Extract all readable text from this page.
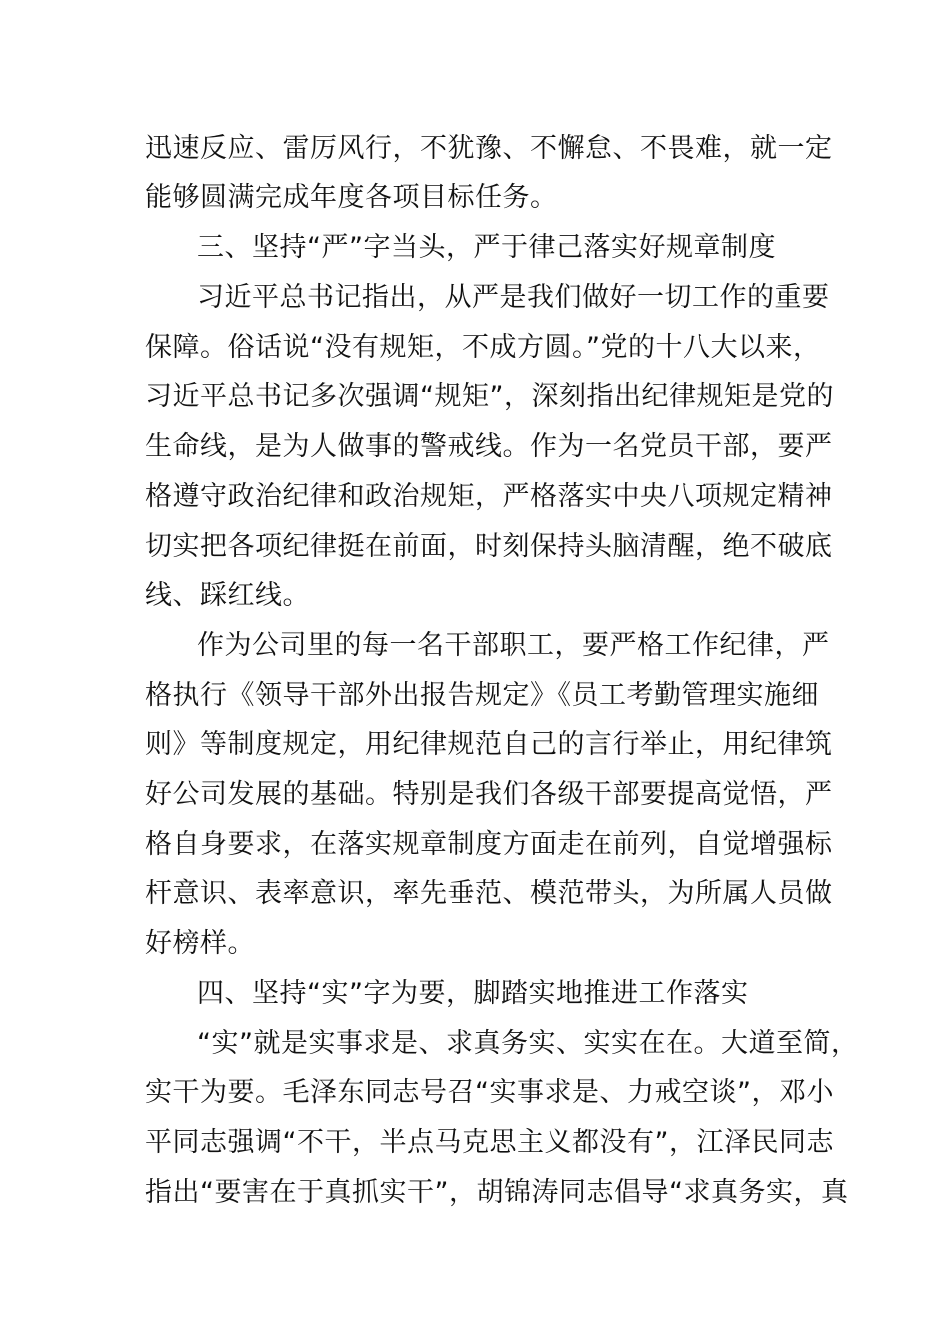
迅速反应、雷厉风行，不犹豫、不懈怠、不畏难，就一定
能够圆满完成年度各项目标任务。
三、坚持“严”字当头，严于律己落实好规章制度
习近平总书记指出，从严是我们做好一切工作的重要
保障。俗话说“没有规矩，不成方圆。”党的十八大以来，
习近平总书记多次强调“规矩”，深刻指出纪律规矩是党的
生命线，是为人做事的警戒线。作为一名党员干部，要严
格遵守政治纪律和政治规矩，严格落实中央八项规定精神
切实把各项纪律挺在前面，时刻保持头脑清醒，绝不破底
线、踩红线。
作为公司里的每一名干部职工，要严格工作纪律，严
格执行《领导干部外出报告规定》《员工考勤管理实施细
则》等制度规定，用纪律规范自己的言行举止，用纪律筑
好公司发展的基础。特别是我们各级干部要提高觉悟，严
格自身要求，在落实规章制度方面走在前列，自觉增强标
杆意识、表率意识，率先垂范、模范带头，为所属人员做
好榜样。
四、坚持“实”字为要，脚踏实地推进工作落实
“实”就是实事求是、求真务实、实实在在。大道至简，
实干为要。毛泽东同志号召“实事求是、力戒空谈”，邓小
平同志强调“不干，半点马克思主义都没有”，江泽民同志
指出“要害在于真抓实干”，胡锦涛同志倡导“求真务实，真
